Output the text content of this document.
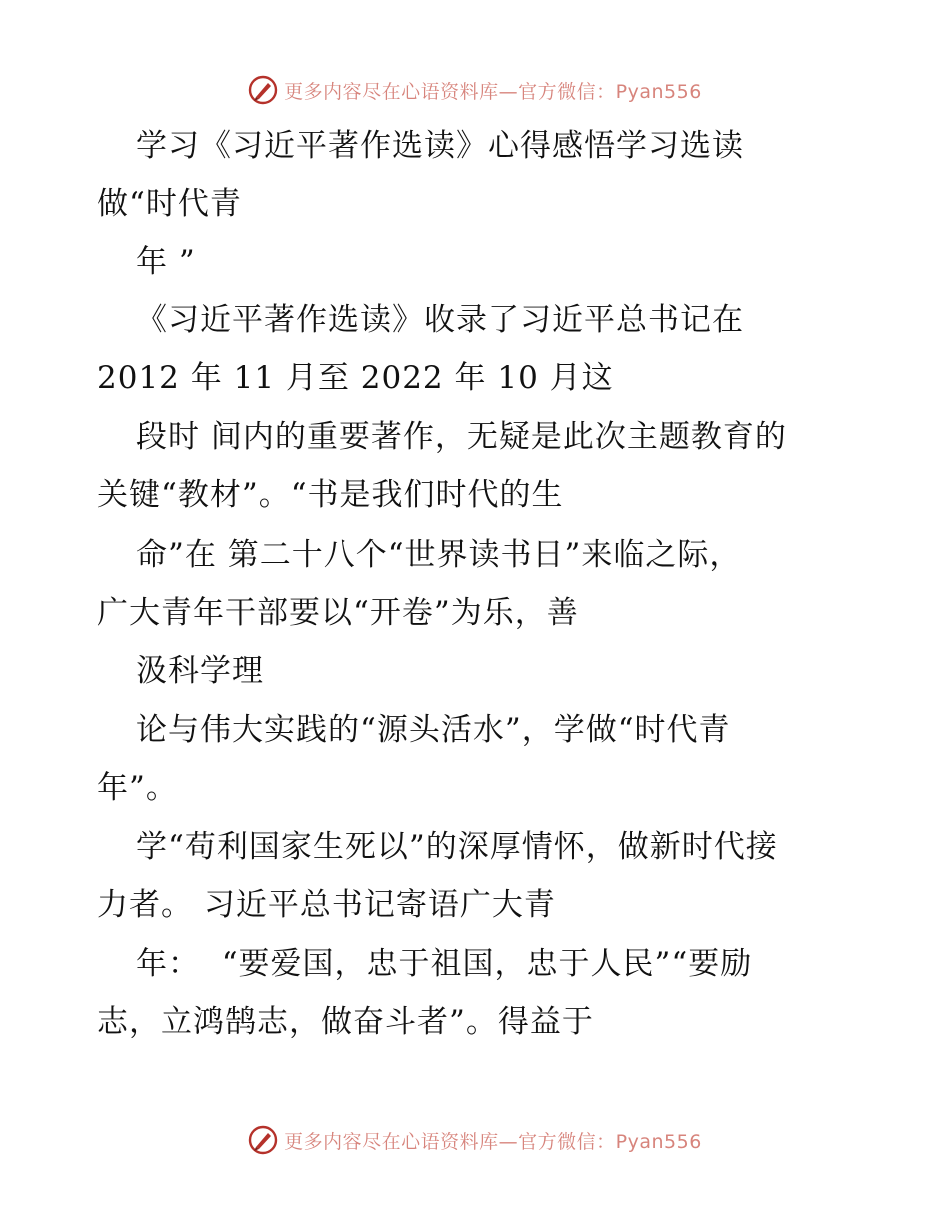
更多内容尽在心语资料库—官方微信：Pyan556
学习《习近平著作选读》心得感悟学习选读
做“时代青
年 ”
《习近平著作选读》收录了习近平总书记在
2012 年 11 月至 2022 年 10 月这
段时 间内的重要著作，无疑是此次主题教育的
关键“教材”。“书是我们时代的生
命”在 第二十八个“世界读书日”来临之际，
广大青年干部要以“开卷”为乐，善
汲科学理
论与伟大实践的“源头活水”，学做“时代青
年”。
学“苟利国家生死以”的深厚情怀，做新时代接
力者。 习近平总书记寄语广大青
年：  “要爱国，忠于祖国，忠于人民”“要励
志，立鸿鹄志，做奋斗者”。得益于
更多内容尽在心语资料库—官方微信：Pyan556
